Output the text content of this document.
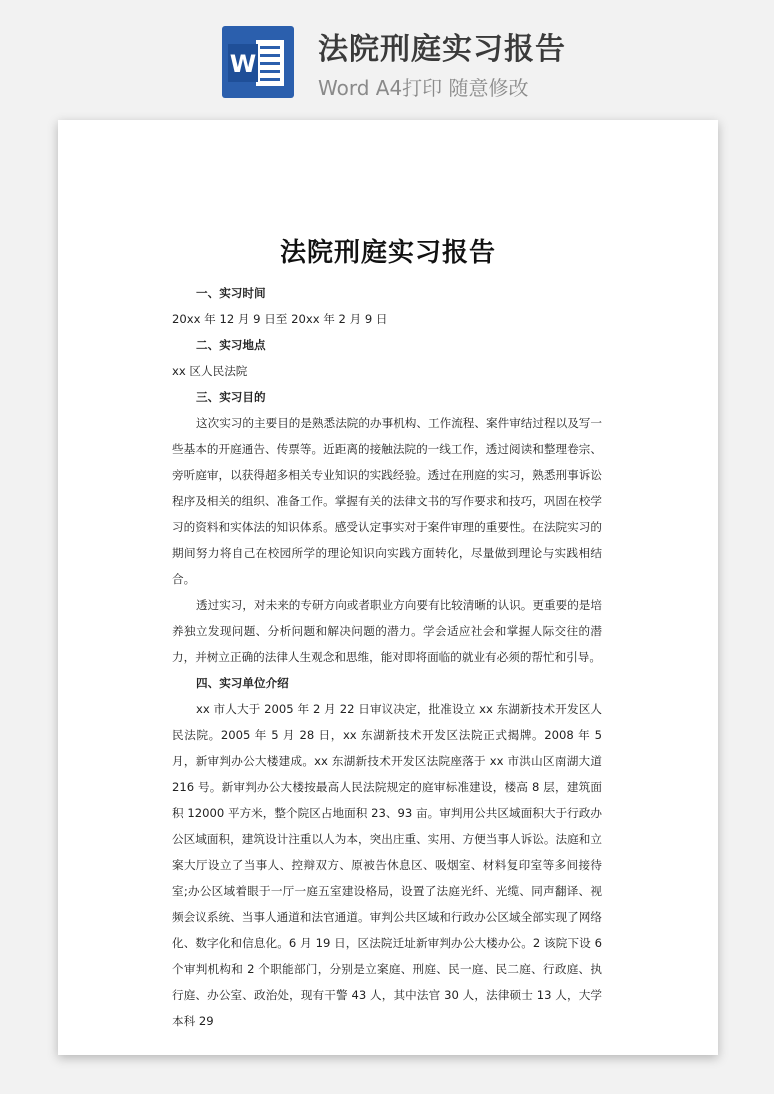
W 法院刑庭实习报告
Word A4打印 随意修改
法院刑庭实习报告
一、实习时间
20xx 年 12 月 9 日至 20xx 年 2 月 9 日
二、实习地点
xx 区人民法院
三、实习目的
这次实习的主要目的是熟悉法院的办事机构、工作流程、案件审结过程以及写一些基本的开庭通告、传票等。近距离的接触法院的一线工作，透过阅读和整理卷宗、旁听庭审，以获得超多相关专业知识的实践经验。透过在刑庭的实习，熟悉刑事诉讼程序及相关的组织、准备工作。掌握有关的法律文书的写作要求和技巧，巩固在校学习的资料和实体法的知识体系。感受认定事实对于案件审理的重要性。在法院实习的期间努力将自己在校园所学的理论知识向实践方面转化，尽量做到理论与实践相结合。
透过实习，对未来的专研方向或者职业方向要有比较清晰的认识。更重要的是培养独立发现问题、分析问题和解决问题的潜力。学会适应社会和掌握人际交往的潜力，并树立正确的法律人生观念和思维，能对即将面临的就业有必须的帮忙和引导。
四、实习单位介绍
xx 市人大于 2005 年 2 月 22 日审议决定，批准设立 xx 东湖新技术开发区人民法院。2005 年 5 月 28 日，xx 东湖新技术开发区法院正式揭牌。2008 年 5 月，新审判办公大楼建成。xx 东湖新技术开发区法院座落于 xx 市洪山区南湖大道 216 号。新审判办公大楼按最高人民法院规定的庭审标准建设，楼高 8 层，建筑面积 12000 平方米，整个院区占地面积 23、93 亩。审判用公共区域面积大于行政办公区域面积，建筑设计注重以人为本，突出庄重、实用、方便当事人诉讼。法庭和立案大厅设立了当事人、控辩双方、原被告休息区、吸烟室、材料复印室等多间接待室;办公区域着眼于一厅一庭五室建设格局，设置了法庭光纤、光缆、同声翻译、视频会议系统、当事人通道和法官通道。审判公共区域和行政办公区域全部实现了网络化、数字化和信息化。6 月 19 日，区法院迁址新审判办公大楼办公。2 该院下设 6 个审判机构和 2 个职能部门，分别是立案庭、刑庭、民一庭、民二庭、行政庭、执行庭、办公室、政治处，现有干警 43 人，其中法官 30 人，法律硕士 13 人，大学本科 29
